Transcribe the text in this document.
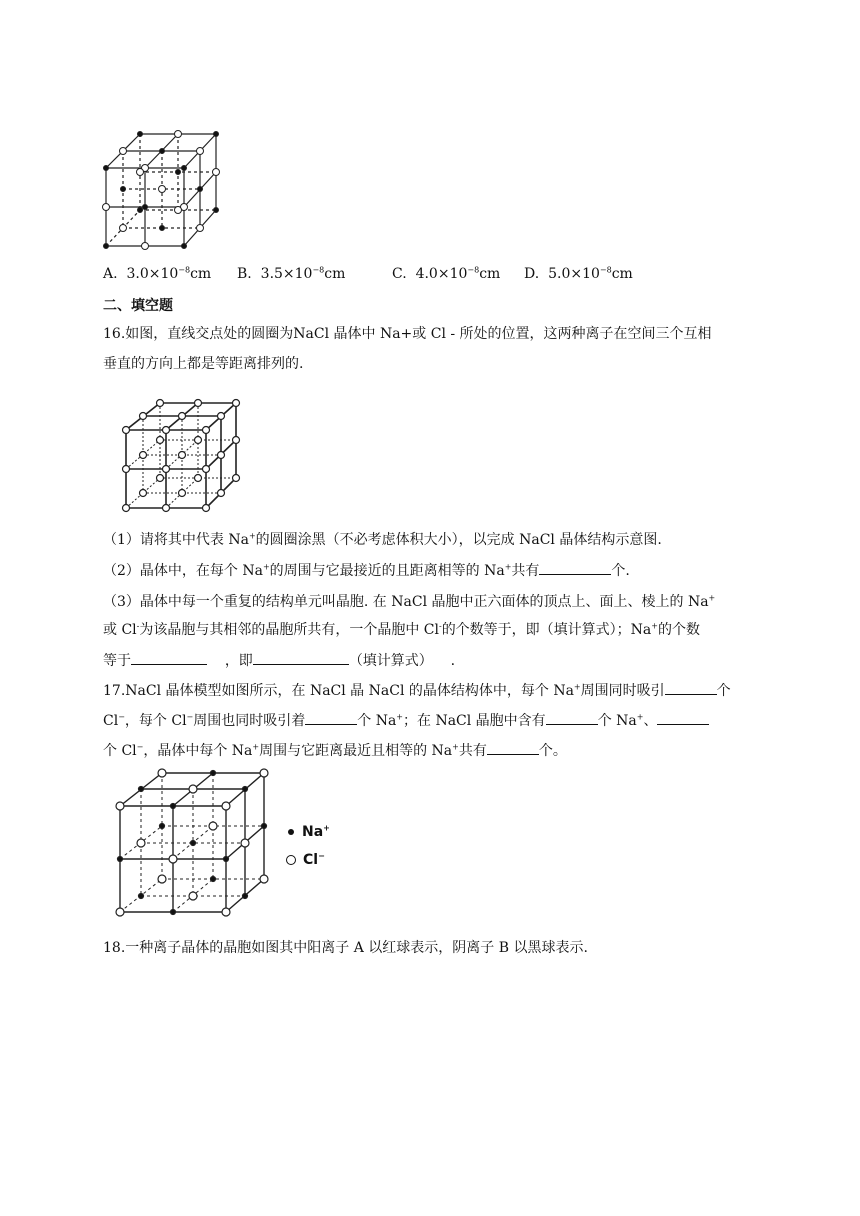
A. $3.0\times 10^{-8}cm$ B. $3.5\times 10^{-8}cm$	C. $4.0\times 10^{-8}cm$ D. $5.0\times 10^{-8}cm$
二、填空题
16.如图，直线交点处的圆圈为NaCl 晶体中 Na+或 Cl - 所处的位置，这两种离子在空间三个互相
垂直的方向上都是等距离排列的.
（1）请将其中代表 Na+的圆圈涂黑（不必考虑体积大小），以完成 NaCl 晶体结构示意图.
（2）晶体中，在每个 Na+的周围与它最接近的且距离相等的 Na+共有	个.
（3）晶体中每一个重复的结构单元叫晶胞. 在 NaCl 晶胞中正六面体的顶点上、面上、棱上的 Na+
或 Cl-为该晶胞与其相邻的晶胞所共有，一个晶胞中 Cl-的个数等于，即（填计算式）；Na+的个数
等于	，即	（填计算式） .
17.NaCl 晶体模型如图所示，在 NaCl 晶 NaCl 的晶体结构体中，每个 Na+周围同时吸引	个
Cl−，每个 Cl−周围也同时吸引着	个 Na+；在 NaCl 晶胞中含有	个 Na+、
个 Cl−，晶体中每个 Na+周围与它距离最近且相等的 Na+共有	个。
Na+
Cl−
18.一种离子晶体的晶胞如图其中阳离子 A 以红球表示，阴离子 B 以黑球表示.
